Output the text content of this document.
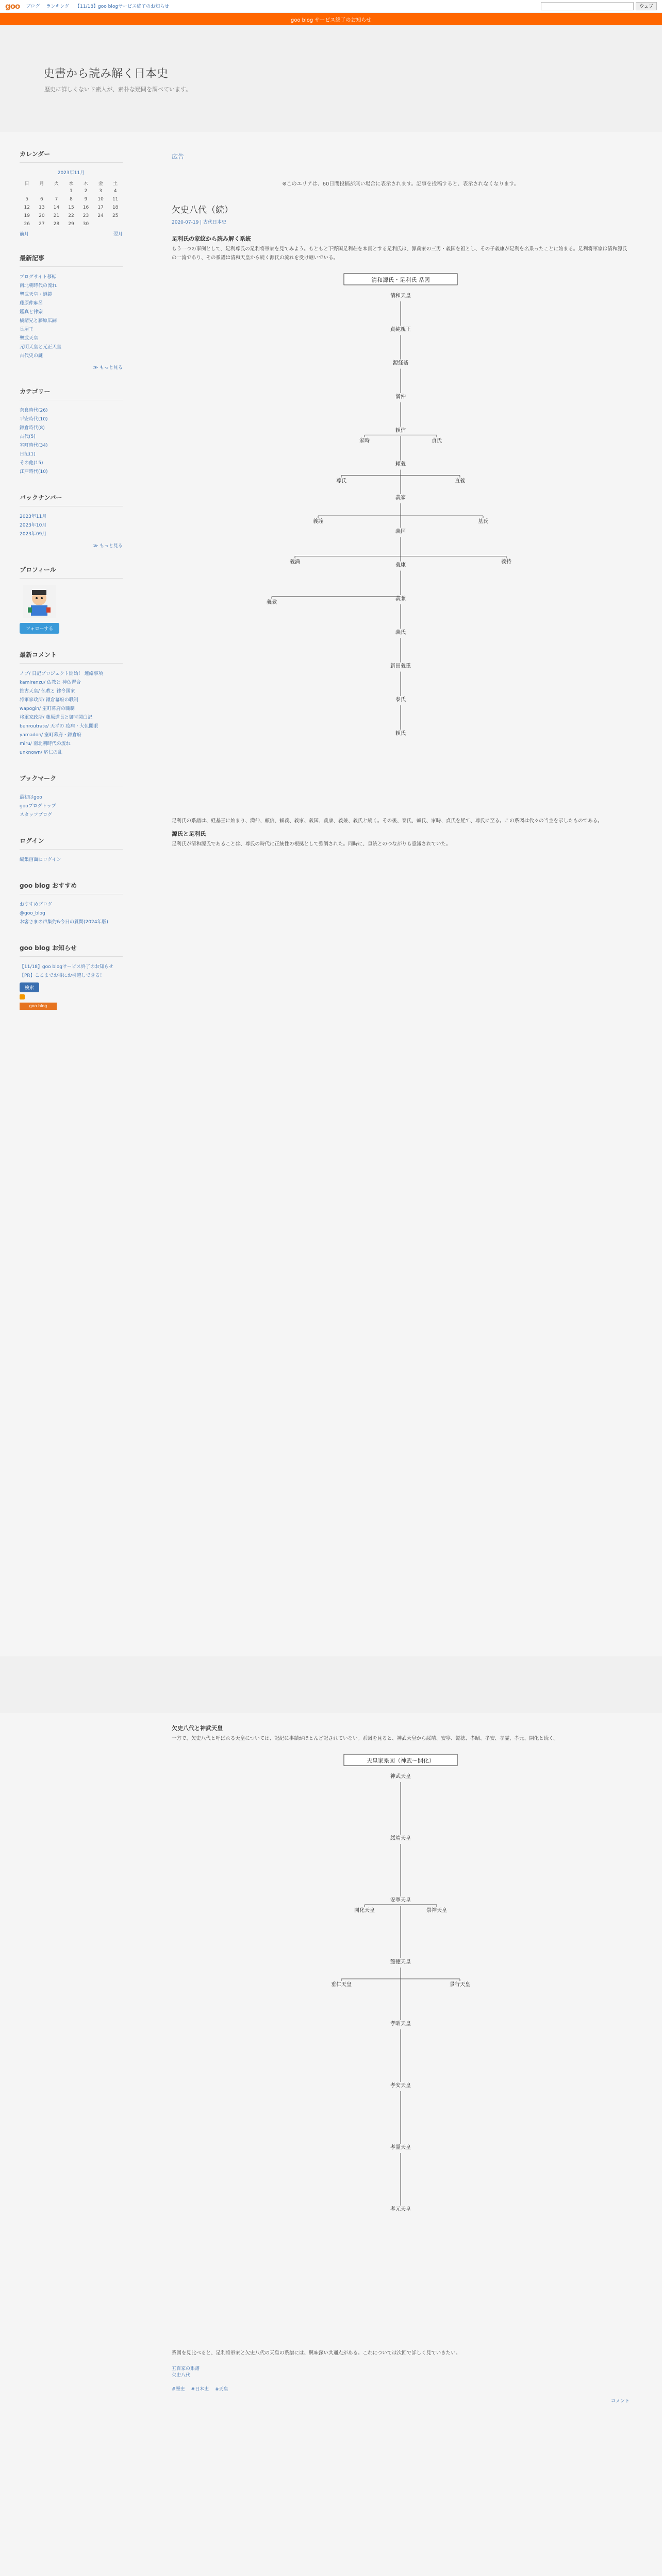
goo ブログ ランキング 【11/18】goo blogサービス終了のお知らせ	ウェブ
goo blog サービス終了のお知らせ
史書から読み解く日本史
歴史に詳しくないド素人が、素朴な疑問を調べています。
カレンダー
2023年11月
日	月	火	水	木	金	土
			1	2	3	4
5	6	7	8	9	10	11
12	13	14	15	16	17	18
19	20	21	22	23	24	25
26	27	28	29	30		
前月	翌月
最新記事
ブログサイト移転
南北朝時代の流れ
聖武天皇・道鏡
藤原仲麻呂
鑑真と律宗
橘諸兄と藤原広嗣
長屋王
聖武天皇
元明天皇と元正天皇
古代史の謎
≫ もっと見る
カテゴリー
奈良時代(26)
平安時代(10)
鎌倉時代(8)
古代(5)
室町時代(34)
日記(1)
その他(15)
江戸時代(10)
バックナンバー
2023年11月
2023年10月
2023年09月
≫ もっと見る
プロフィール
フォローする
最新コメント
ノブ/ 日記プロジェクト開始！ 連絡事項
kamirenzu/ 仏教と 神仏習合
推古天皇/ 仏教と 律令国家
将軍家政所/ 鎌倉幕府の職制
wapogin/ 室町幕府の職制
将軍家政所/ 藤原道長と御堂関白記
benroutrate/ 天平の 疫病・大仏開眼
yamadon/ 室町幕府・鎌倉府
miru/ 南北朝時代の流れ
unknown/ 応仁の乱
ブックマーク
最初はgoo
gooブログトップ
スタッフブログ
ログイン
編集画面にログイン
goo blog おすすめ
おすすめブログ
@goo_blog
お客さまの声集約&今日の質問(2024年版)
goo blog お知らせ
【11/18】goo blogサービス終了のお知らせ
【PR】ここまでお得にお引越しできる！
検索
goo blog
広告
※このエリアは、60日間投稿が無い場合に表示されます。記事を投稿すると、表示されなくなります。
欠史八代（続）
2020-07-19 | 古代日本史
足利氏の家紋から読み解く系統
もう一つの事例として、足利尊氏の足利将軍家を見てみよう。もともと下野国足利荘を本貫とする足利氏は、源義家の三男・義国を祖とし、その子義康が足利を名乗ったことに始まる。足利将軍家は清和源氏の一流であり、その系譜は清和天皇から続く源氏の流れを受け継いでいる。
清和源氏・足利氏 系図
清和天皇
貞純親王
源経基
満仲
頼信
頼義
義家
義国
義康
義兼
義氏
新田義重
泰氏
頼氏
家時	貞氏
尊氏	直義
義詮	基氏
義満	義持
義教
足利氏の系譜は、経基王に始まり、満仲、頼信、頼義、義家、義国、義康、義兼、義氏と続く。その後、泰氏、頼氏、家時、貞氏を経て、尊氏に至る。この系図は代々の当主を示したものである。
源氏と足利氏
足利氏が清和源氏であることは、尊氏の時代に正統性の根拠として強調された。同時に、皇統とのつながりも意識されていた。
欠史八代と神武天皇
一方で、欠史八代と呼ばれる天皇については、記紀に事績がほとんど記されていない。系図を見ると、神武天皇から綏靖、安寧、懿徳、孝昭、孝安、孝霊、孝元、開化と続く。
天皇家系図（神武〜開化）
神武天皇
綏靖天皇
安寧天皇
懿徳天皇
孝昭天皇
孝安天皇
孝霊天皇
孝元天皇
開化天皇	崇神天皇
垂仁天皇	景行天皇
系図を見比べると、足利将軍家と欠史八代の天皇の系譜には、興味深い共通点がある。これについては次回で詳しく見ていきたい。
五百家の系譜
欠史八代
#歴史 #日本史 #天皇
コメント
